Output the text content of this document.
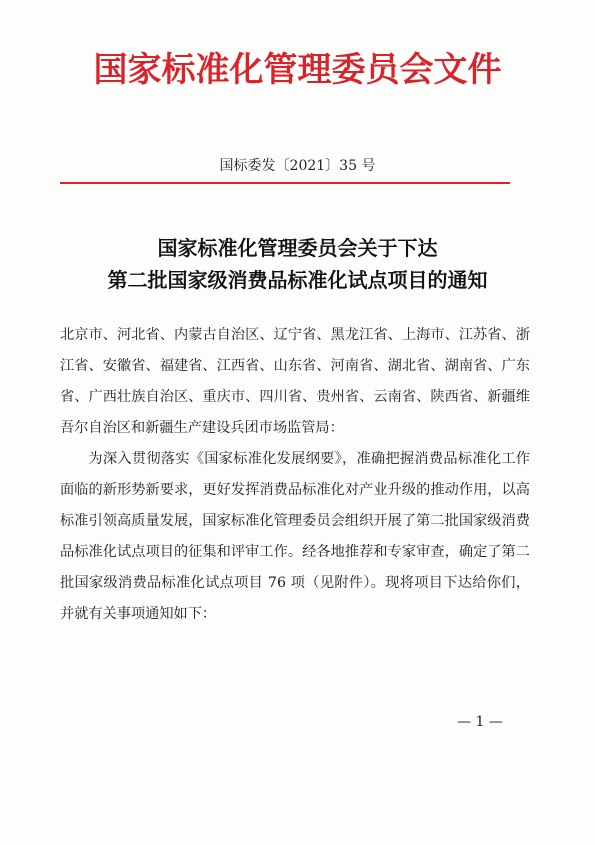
国家标准化管理委员会文件
国标委发〔2021〕35 号
国家标准化管理委员会关于下达
第二批国家级消费品标准化试点项目的通知

北京市、河北省、内蒙古自治区、辽宁省、黑龙江省、上海市、江苏省、浙江省、安徽省、福建省、江西省、山东省、河南省、湖北省、湖南省、广东省、广西壮族自治区、重庆市、四川省、贵州省、云南省、陕西省、新疆维吾尔自治区和新疆生产建设兵团市场监管局：

为深入贯彻落实《国家标准化发展纲要》，准确把握消费品标准化工作面临的新形势新要求，更好发挥消费品标准化对产业升级的推动作用，以高标准引领高质量发展，国家标准化管理委员会组织开展了第二批国家级消费品标准化试点项目的征集和评审工作。经各地推荐和专家审查，确定了第二批国家级消费品标准化试点项目 76 项（见附件）。现将项目下达给你们，并就有关事项通知如下：

— 1 —
